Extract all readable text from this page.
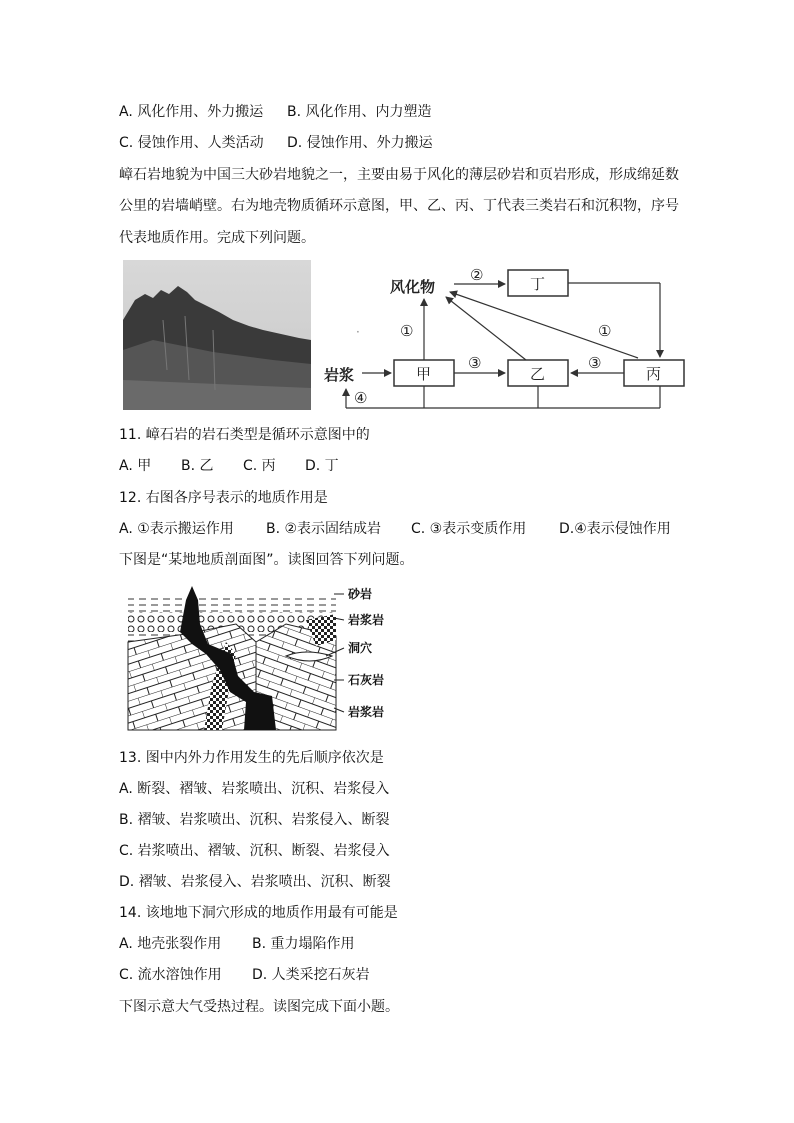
A. 风化作用、外力搬运 B. 风化作用、内力塑造
C. 侵蚀作用、人类活动 D. 侵蚀作用、外力搬运
嶂石岩地貌为中国三大砂岩地貌之一，主要由易于风化的薄层砂岩和页岩形成，形成绵延数
公里的岩墙峭壁。右为地壳物质循环示意图，甲、乙、丙、丁代表三类岩石和沉积物，序号
代表地质作用。完成下列问题。
风化物
岩浆
丁
甲	乙	丙
②
①	①
③	③
④
·
11. 嶂石岩的岩石类型是循环示意图中的
A. 甲 B. 乙 C. 丙 D. 丁
12. 右图各序号表示的地质作用是
A. ①表示搬运作用 B. ②表示固结成岩 C. ③表示变质作用 D.④表示侵蚀作用
下图是“某地地质剖面图”。读图回答下列问题。
砂岩
岩浆岩
洞穴
石灰岩
岩浆岩
13. 图中内外力作用发生的先后顺序依次是
A. 断裂、褶皱、岩浆喷出、沉积、岩浆侵入
B. 褶皱、岩浆喷出、沉积、岩浆侵入、断裂
C. 岩浆喷出、褶皱、沉积、断裂、岩浆侵入
D. 褶皱、岩浆侵入、岩浆喷出、沉积、断裂
14. 该地地下洞穴形成的地质作用最有可能是
A. 地壳张裂作用 B. 重力塌陷作用
C. 流水溶蚀作用 D. 人类采挖石灰岩
下图示意大气受热过程。读图完成下面小题。
